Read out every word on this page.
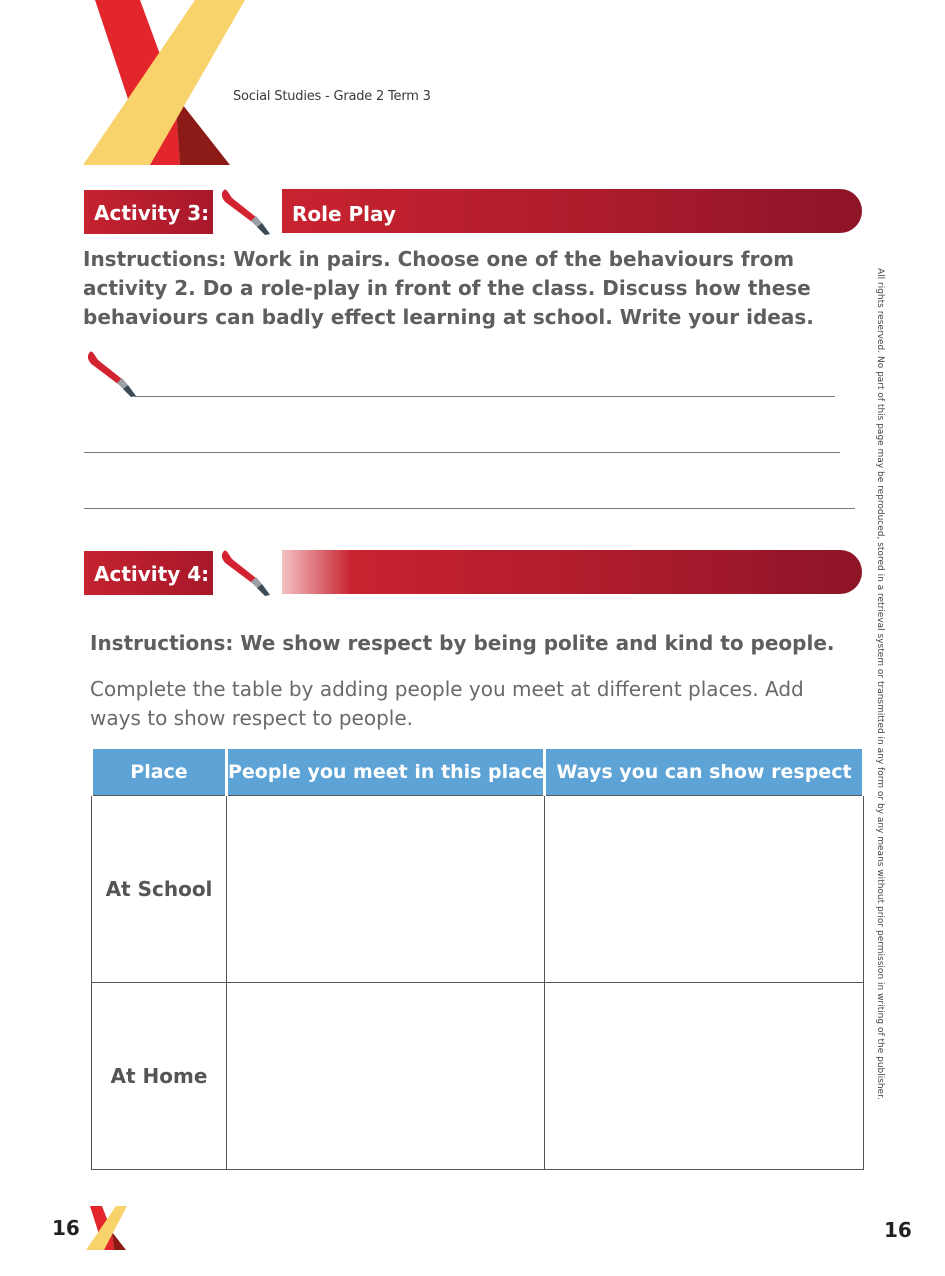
Social Studies - Grade 2 Term 3
Activity 3:	Role Play
Instructions: Work in pairs. Choose one of the behaviours from activity 2. Do a role-play in front of the class. Discuss how these behaviours can badly effect learning at school. Write your ideas.
Activity 4:
Instructions: We show respect by being polite and kind to people.
Complete the table by adding people you meet at different places. Add ways to show respect to people.
Place	People you meet in this place	Ways you can show respect
At School		
At Home			All rights reserved. No part of this page may be reproduced, stored in a retrieval system or transmitted in any form or by any means without prior permission in writing of the publisher.
16	16
